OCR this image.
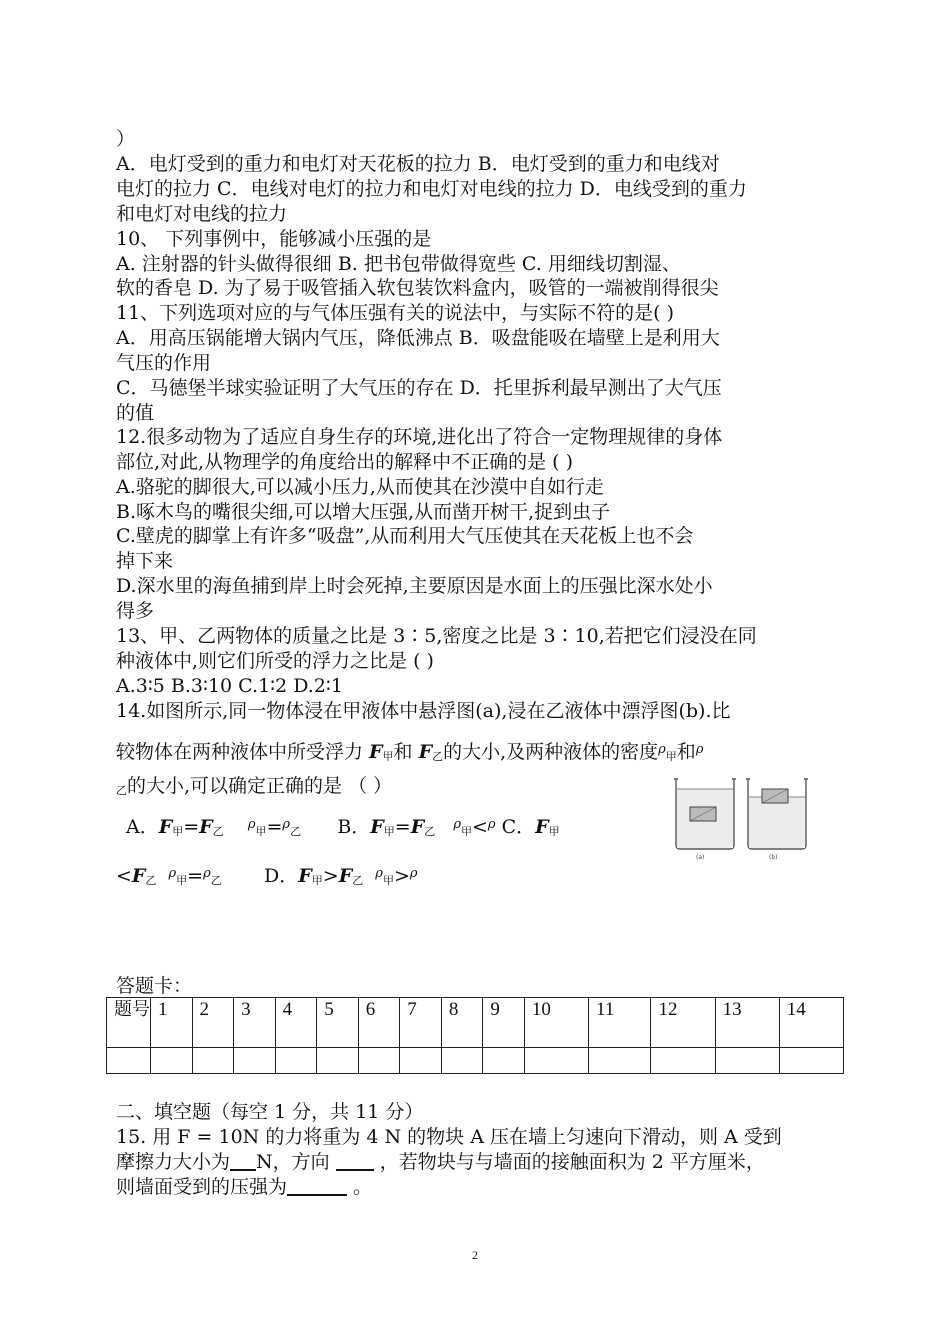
）
A．电灯受到的重力和电灯对天花板的拉力 B．电灯受到的重力和电线对
电灯的拉力 C．电线对电灯的拉力和电灯对电线的拉力 D．电线受到的重力
和电灯对电线的拉力
10、 下列事例中，能够减小压强的是
A. 注射器的针头做得很细 B. 把书包带做得宽些 C. 用细线切割湿、
软的香皂 D. 为了易于吸管插入软包装饮料盒内，吸管的一端被削得很尖
11、下列选项对应的与气体压强有关的说法中，与实际不符的是( )
A．用高压锅能增大锅内气压，降低沸点 B．吸盘能吸在墙壁上是利用大
气压的作用
C．马德堡半球实验证明了大气压的存在 D．托里拆利最早测出了大气压
的值
12.很多动物为了适应自身生存的环境,进化出了符合一定物理规律的身体
部位,对此,从物理学的角度给出的解释中不正确的是 ( )
A.骆驼的脚很大,可以减小压力,从而使其在沙漠中自如行走
B.啄木鸟的嘴很尖细,可以增大压强,从而凿开树干,捉到虫子
C.壁虎的脚掌上有许多“吸盘”,从而利用大气压使其在天花板上也不会
掉下来
D.深水里的海鱼捕到岸上时会死掉,主要原因是水面上的压强比深水处小
得多
13、甲、乙两物体的质量之比是 3∶5,密度之比是 3∶10,若把它们浸没在同
种液体中,则它们所受的浮力之比是 ( )
A.3∶5 B.3∶10 C.1∶2 D.2∶1
14.如图所示,同一物体浸在甲液体中悬浮图(a),浸在乙液体中漂浮图(b).比
较物体在两种液体中所受浮力 $F_甲$和 $F_乙$的大小,及两种液体的密度$^\rho_甲$和$^\rho$
$_乙$的大小,可以确定正确的是 （ ）
A．$F_甲=F_乙$ $^\rho_甲$=$^\rho_乙$ B．$F_甲=F_乙$ $^\rho_甲$<$^\rho$ C．$F_甲$
$<F_乙$ $^\rho_甲$=$^\rho_乙$ D．$F_甲>F_乙$ $^\rho_甲$>$^\rho$
(a)	(b)
答题卡：
题号	1	2	3	4	5	6	7	8	9	10	11	12	13	14

二、填空题（每空 1 分，共 11 分）
15. 用 F = 10N 的力将重为 4 N 的物块 A 压在墙上匀速向下滑动，则 A 受到
摩擦力大小为 N，方向  ，若物块与与墙面的接触面积为 2 平方厘米，
则墙面受到的压强为	。
2
